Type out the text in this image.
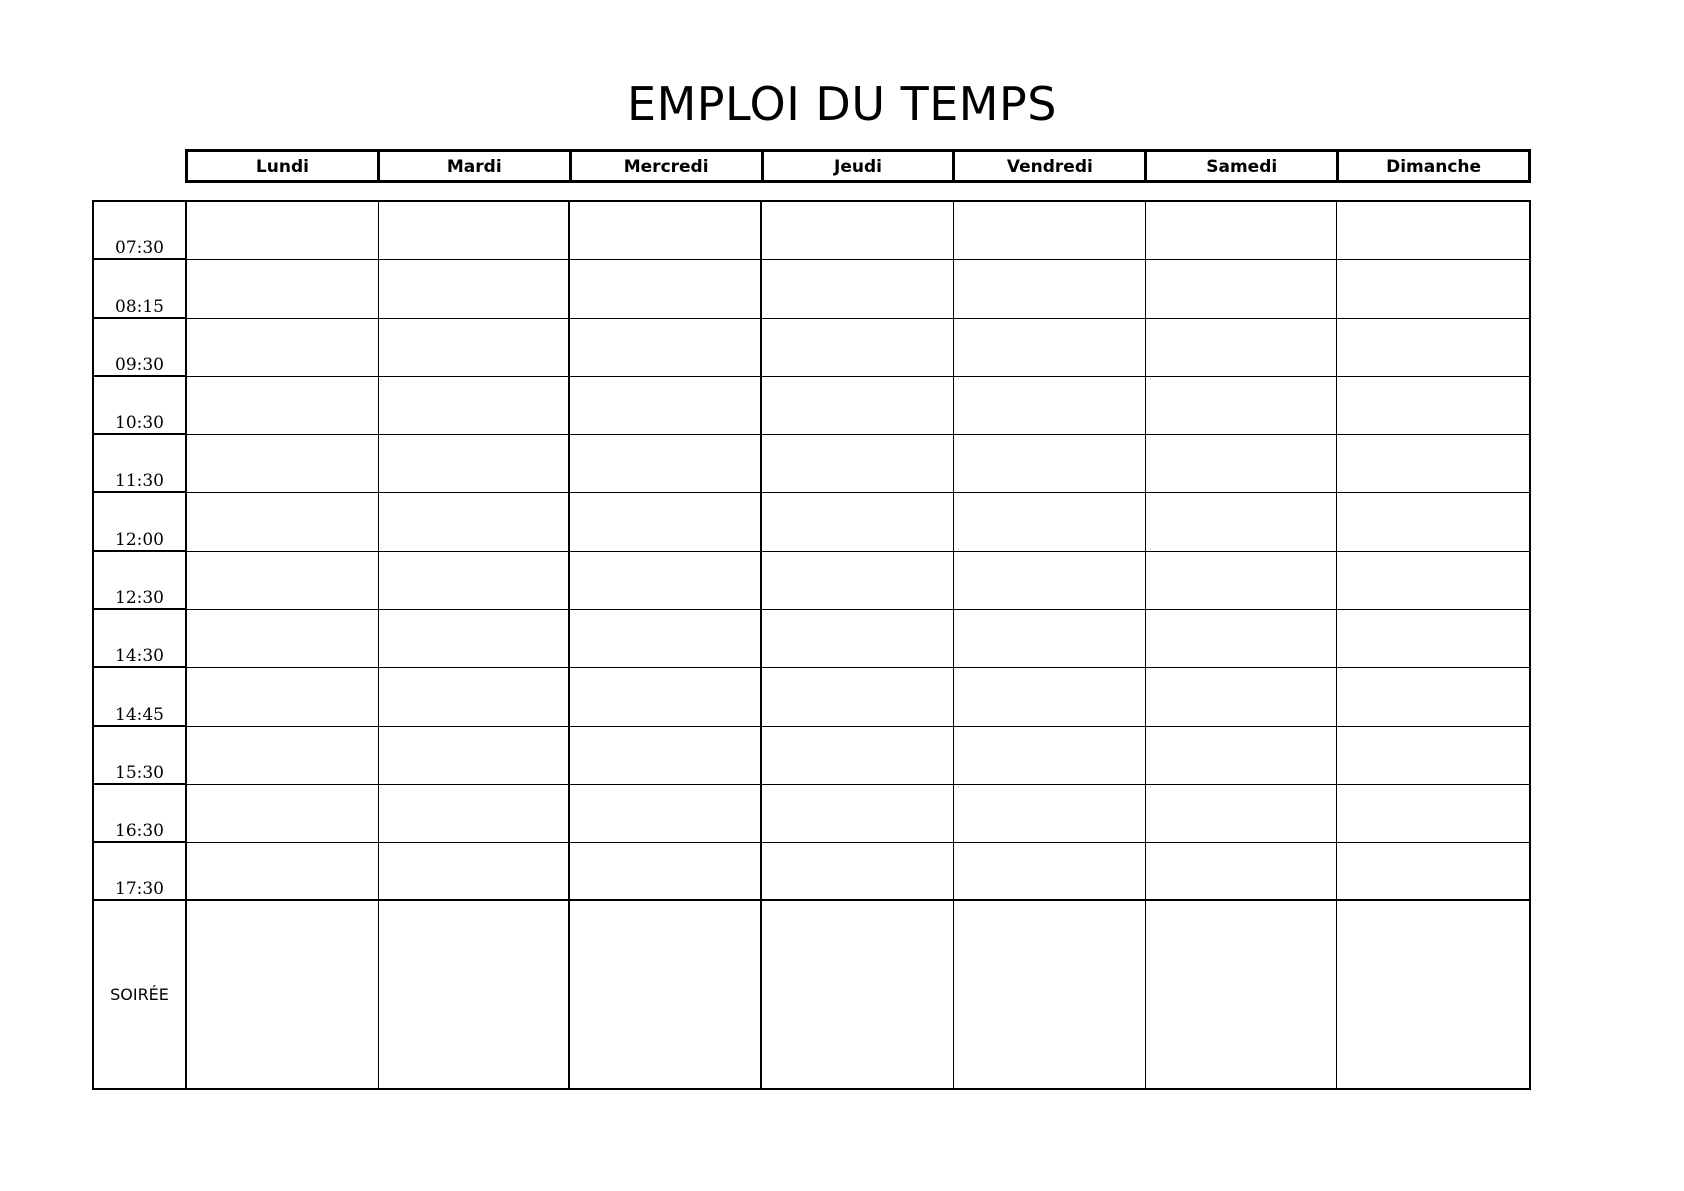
EMPLOI DU TEMPS
Lundi	Mardi	Mercredi	Jeudi	Vendredi	Samedi	Dimanche
07:30
08:15
09:30
10:30
11:30
12:00
12:30
14:30
14:45
15:30
16:30
17:30
SOIRÉE
